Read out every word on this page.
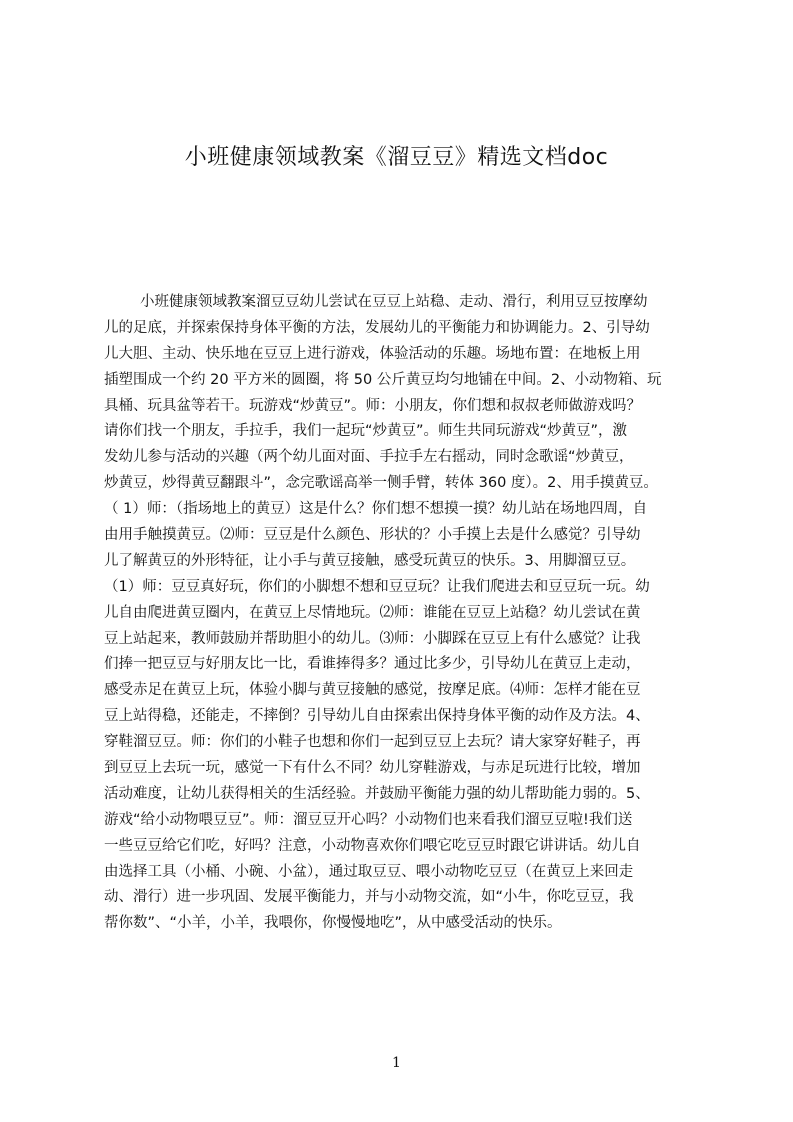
小班健康领域教案《溜豆豆》精选文档doc
小班健康领域教案溜豆豆幼儿尝试在豆豆上站稳、走动、滑行，利用豆豆按摩幼
儿的足底，并探索保持身体平衡的方法，发展幼儿的平衡能力和协调能力。2、引导幼
儿大胆、主动、快乐地在豆豆上进行游戏，体验活动的乐趣。场地布置：在地板上用
插塑围成一个约 20 平方米的圆圈，将 50 公斤黄豆均匀地铺在中间。2、小动物箱、玩
具桶、玩具盆等若干。玩游戏“炒黄豆”。师：小朋友，你们想和叔叔老师做游戏吗？
请你们找一个朋友，手拉手，我们一起玩“炒黄豆”。师生共同玩游戏“炒黄豆”，激
发幼儿参与活动的兴趣（两个幼儿面对面、手拉手左右摇动，同时念歌谣“炒黄豆，
炒黄豆，炒得黄豆翻跟斗”，念完歌谣高举一侧手臂，转体 360 度）。2、用手摸黄豆。
（ 1）师：（指场地上的黄豆）这是什么？你们想不想摸一摸？幼儿站在场地四周，自
由用手触摸黄豆。⑵师：豆豆是什么颜色、形状的？小手摸上去是什么感觉？引导幼
儿了解黄豆的外形特征，让小手与黄豆接触，感受玩黄豆的快乐。3、用脚溜豆豆。
（1）师：豆豆真好玩，你们的小脚想不想和豆豆玩？让我们爬进去和豆豆玩一玩。幼
儿自由爬进黄豆圈内，在黄豆上尽情地玩。⑵师：谁能在豆豆上站稳？幼儿尝试在黄
豆上站起来，教师鼓励并帮助胆小的幼儿。⑶师：小脚踩在豆豆上有什么感觉？让我
们捧一把豆豆与好朋友比一比，看谁捧得多？通过比多少，引导幼儿在黄豆上走动，
感受赤足在黄豆上玩，体验小脚与黄豆接触的感觉，按摩足底。⑷师：怎样才能在豆
豆上站得稳，还能走，不摔倒？引导幼儿自由探索出保持身体平衡的动作及方法。4、
穿鞋溜豆豆。师：你们的小鞋子也想和你们一起到豆豆上去玩？请大家穿好鞋子，再
到豆豆上去玩一玩，感觉一下有什么不同？幼儿穿鞋游戏，与赤足玩进行比较，增加
活动难度，让幼儿获得相关的生活经验。并鼓励平衡能力强的幼儿帮助能力弱的。5、
游戏“给小动物喂豆豆”。师：溜豆豆开心吗？小动物们也来看我们溜豆豆啦!我们送
一些豆豆给它们吃，好吗？注意，小动物喜欢你们喂它吃豆豆时跟它讲讲话。幼儿自
由选择工具（小桶、小碗、小盆），通过取豆豆、喂小动物吃豆豆（在黄豆上来回走
动、滑行）进一步巩固、发展平衡能力，并与小动物交流，如“小牛，你吃豆豆，我
帮你数”、“小羊，小羊，我喂你，你慢慢地吃”，从中感受活动的快乐。
1
